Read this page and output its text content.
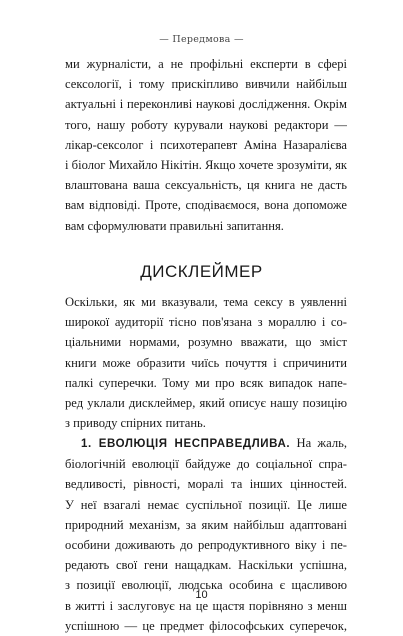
— Передмова —
ми журналісти, а не профільні експерти в сфері
сексології, і тому прискіпливо вивчили найбільш
актуальні і переконливі наукові дослідження. Окрім
того, нашу роботу курували наукові редактори —
лікар-сексолог і психотерапевт Аміна Назаралієва
і біолог Михайло Нікітін. Якщо хочете зрозуміти, як
влаштована ваша сексуальність, ця книга не дасть
вам відповіді. Проте, сподіваємося, вона допоможе
вам сформулювати правильні запитання.
ДИСКЛЕЙМЕР
Оскільки, як ми вказували, тема сексу в уявленні
широкої аудиторії тісно пов'язана з мораллю і со-
ціальними нормами, розумно вважати, що зміст
книги може образити чиїсь почуття і спричинити
палкі суперечки. Тому ми про всяк випадок напе-
ред уклали дисклеймер, який описує нашу позицію
з приводу спірних питань.
1. ЕВОЛЮЦІЯ НЕСПРАВЕДЛИВА. На жаль,
біологічній еволюції байдуже до соціальної спра-
ведливості, рівності, моралі та інших цінностей.
У неї взагалі немає суспільної позиції. Це лише
природний механізм, за яким найбільш адаптовані
особини доживають до репродуктивного віку і пе-
редають свої гени нащадкам. Наскільки успішна,
з позиції еволюції, людська особина є щасливою
в житті і заслуговує на це щастя порівняно з менш
успішною — це предмет філософських суперечок,
10
